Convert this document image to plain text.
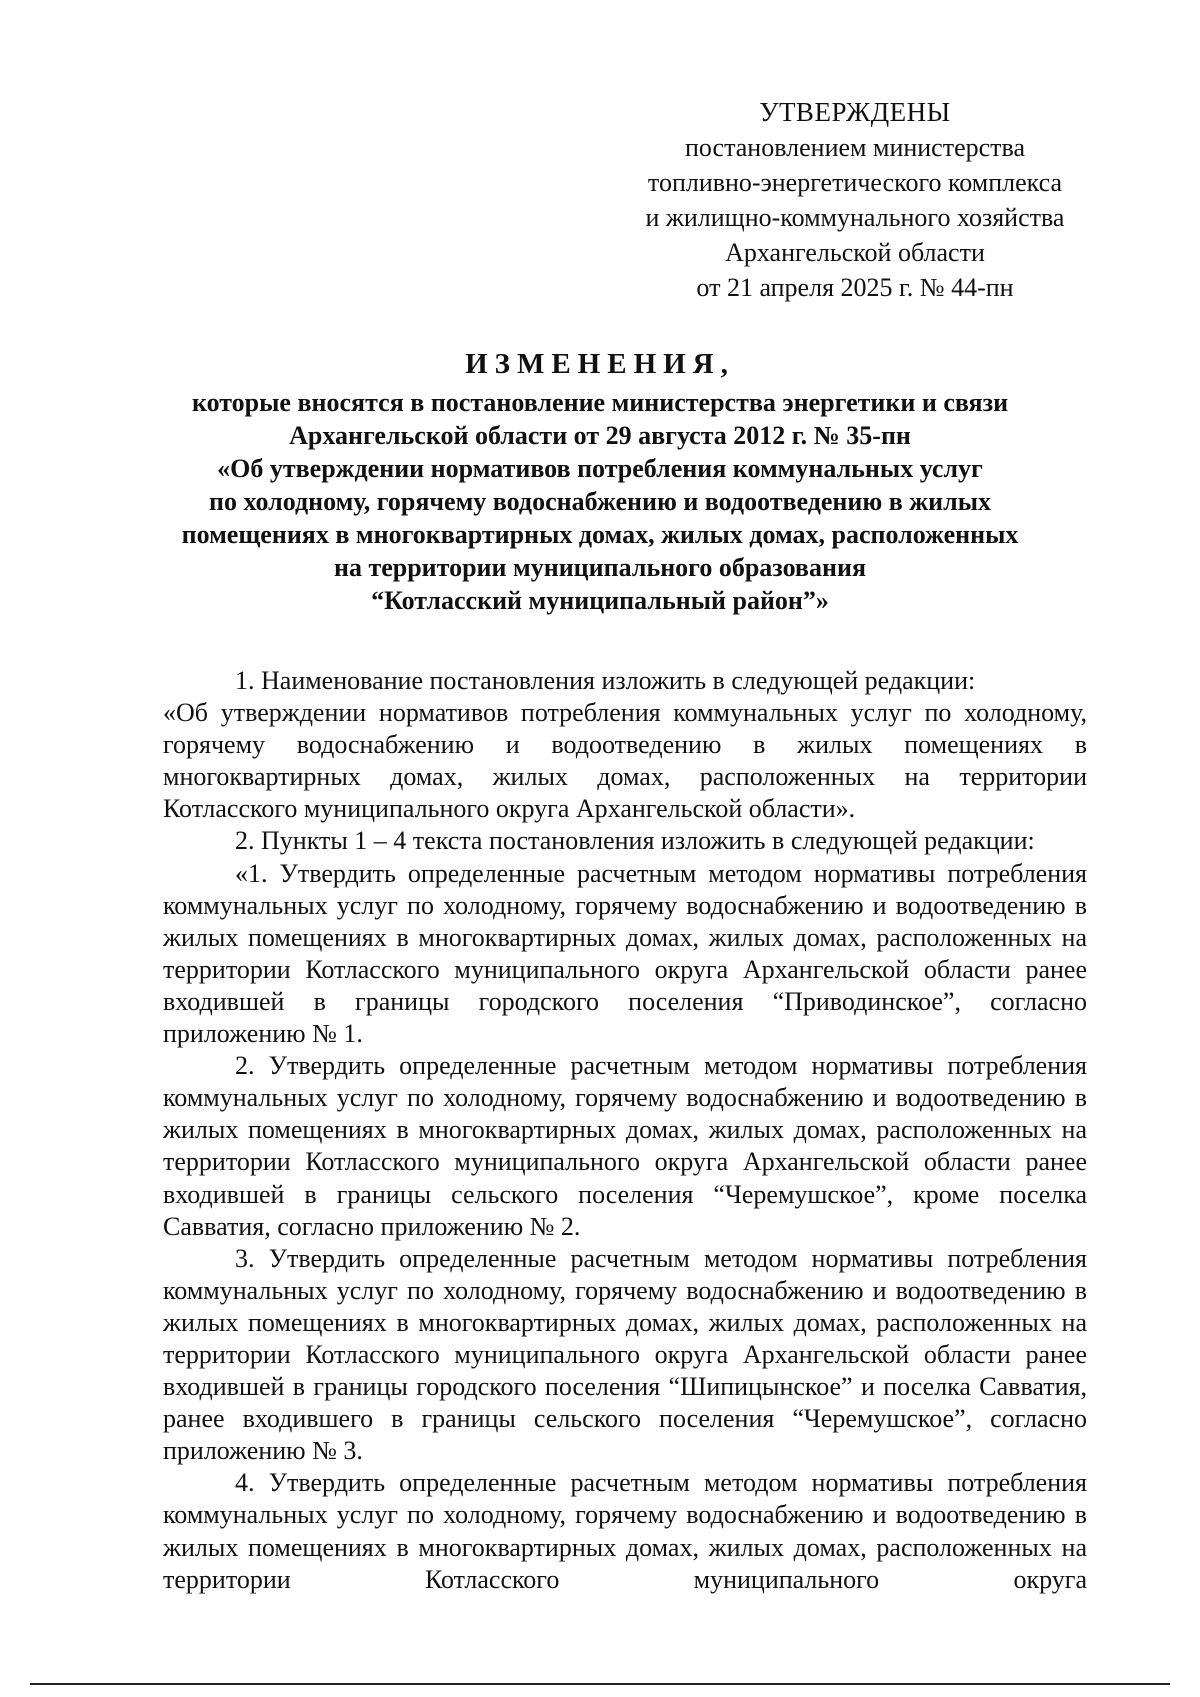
УТВЕРЖДЕНЫ
постановлением министерства
топливно-энергетического комплекса
и жилищно-коммунального хозяйства
Архангельской области
от 21 апреля 2025 г. № 44-пн
ИЗМЕНЕНИЯ,
которые вносятся в постановление министерства энергетики и связи
Архангельской области от 29 августа 2012 г. № 35-пн
«Об утверждении нормативов потребления коммунальных услуг
по холодному, горячему водоснабжению и водоотведению в жилых
помещениях в многоквартирных домах, жилых домах, расположенных
на территории муниципального образования
“Котласский муниципальный район”»

1. Наименование постановления изложить в следующей редакции:

«Об утверждении нормативов потребления коммунальных услуг по холодному, горячему водоснабжению и водоотведению в жилых помещениях в многоквартирных домах, жилых домах, расположенных на территории Котласского муниципального округа Архангельской области».

2. Пункты 1 – 4 текста постановления изложить в следующей редакции:

«1. Утвердить определенные расчетным методом нормативы потребления коммунальных услуг по холодному, горячему водоснабжению и водоотведению в жилых помещениях в многоквартирных домах, жилых домах, расположенных на территории Котласского муниципального округа Архангельской области ранее входившей в границы городского поселения “Приводинское”, согласно приложению № 1.

2. Утвердить определенные расчетным методом нормативы потребления коммунальных услуг по холодному, горячему водоснабжению и водоотведению в жилых помещениях в многоквартирных домах, жилых домах, расположенных на территории Котласского муниципального округа Архангельской области ранее входившей в границы сельского поселения “Черемушское”, кроме поселка Савватия, согласно приложению № 2.

3. Утвердить определенные расчетным методом нормативы потребления коммунальных услуг по холодному, горячему водоснабжению и водоотведению в жилых помещениях в многоквартирных домах, жилых домах, расположенных на территории Котласского муниципального округа Архангельской области ранее входившей в границы городского поселения “Шипицынское” и поселка Савватия, ранее входившего в границы сельского поселения “Черемушское”, согласно приложению № 3.

4. Утвердить определенные расчетным методом нормативы потребления коммунальных услуг по холодному, горячему водоснабжению и водоотведению в жилых помещениях в многоквартирных домах, жилых домах, расположенных на территории Котласского муниципального округа
